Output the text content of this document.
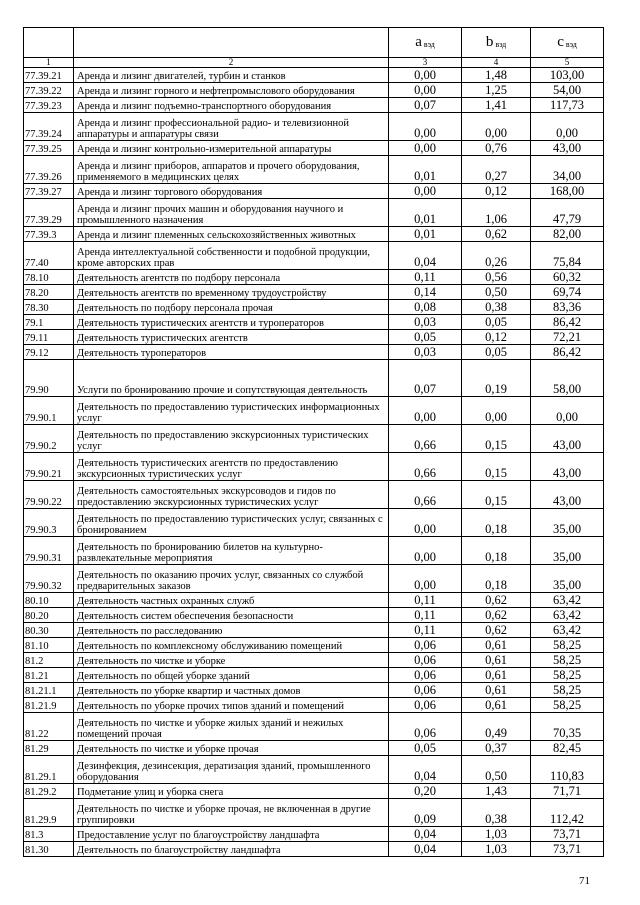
		a вэд	b вэд	c вэд
1	2	3	4	5
77.39.21	Аренда и лизинг двигателей, турбин и станков	0,00	1,48	103,00
77.39.22	Аренда и лизинг горного и нефтепромыслового оборудования	0,00	1,25	54,00
77.39.23	Аренда и лизинг подъемно-транспортного оборудования	0,07	1,41	117,73
77.39.24	Аренда и лизинг профессиональной радио- и телевизионной аппаратуры и аппаратуры связи	0,00	0,00	0,00
77.39.25	Аренда и лизинг контрольно-измерительной аппаратуры	0,00	0,76	43,00
77.39.26	Аренда и лизинг приборов, аппаратов и прочего оборудования, применяемого в медицинских целях	0,01	0,27	34,00
77.39.27	Аренда и лизинг торгового оборудования	0,00	0,12	168,00
77.39.29	Аренда и лизинг прочих машин и оборудования научного и промышленного назначения	0,01	1,06	47,79
77.39.3	Аренда и лизинг племенных сельскохозяйственных животных	0,01	0,62	82,00
77.40	Аренда интеллектуальной собственности и подобной продукции, кроме авторских прав	0,04	0,26	75,84
78.10	Деятельность агентств по подбору персонала	0,11	0,56	60,32
78.20	Деятельность агентств по временному трудоустройству	0,14	0,50	69,74
78.30	Деятельность по подбору персонала прочая	0,08	0,38	83,36
79.1	Деятельность туристических агентств и туроператоров	0,03	0,05	86,42
79.11	Деятельность туристических агентств	0,05	0,12	72,21
79.12	Деятельность туроператоров	0,03	0,05	86,42
79.90	Услуги по бронированию прочие и сопутствующая деятельность	0,07	0,19	58,00
79.90.1	Деятельность по предоставлению туристических информационных услуг	0,00	0,00	0,00
79.90.2	Деятельность по предоставлению экскурсионных туристических услуг	0,66	0,15	43,00
79.90.21	Деятельность туристических агентств по предоставлению экскурсионных туристических услуг	0,66	0,15	43,00
79.90.22	Деятельность самостоятельных экскурсоводов и гидов по предоставлению экскурсионных туристических услуг	0,66	0,15	43,00
79.90.3	Деятельность по предоставлению туристических услуг, связанных с бронированием	0,00	0,18	35,00
79.90.31	Деятельность по бронированию билетов на культурно-развлекательные мероприятия	0,00	0,18	35,00
79.90.32	Деятельность по оказанию прочих услуг, связанных со службой предварительных заказов	0,00	0,18	35,00
80.10	Деятельность частных охранных служб	0,11	0,62	63,42
80.20	Деятельность систем обеспечения безопасности	0,11	0,62	63,42
80.30	Деятельность по расследованию	0,11	0,62	63,42
81.10	Деятельность по комплексному обслуживанию помещений	0,06	0,61	58,25
81.2	Деятельность по чистке и уборке	0,06	0,61	58,25
81.21	Деятельность по общей уборке зданий	0,06	0,61	58,25
81.21.1	Деятельность по уборке квартир и частных домов	0,06	0,61	58,25
81.21.9	Деятельность по уборке прочих типов зданий и помещений	0,06	0,61	58,25
81.22	Деятельность по чистке и уборке жилых зданий и нежилых помещений прочая	0,06	0,49	70,35
81.29	Деятельность по чистке и уборке прочая	0,05	0,37	82,45
81.29.1	Дезинфекция, дезинсекция, дератизация зданий, промышленного оборудования	0,04	0,50	110,83
81.29.2	Подметание улиц и уборка снега	0,20	1,43	71,71
81.29.9	Деятельность по чистке и уборке прочая, не включенная в другие группировки	0,09	0,38	112,42
81.3	Предоставление услуг по благоустройству ландшафта	0,04	1,03	73,71
81.30	Деятельность по благоустройству ландшафта	0,04	1,03	73,71
71
